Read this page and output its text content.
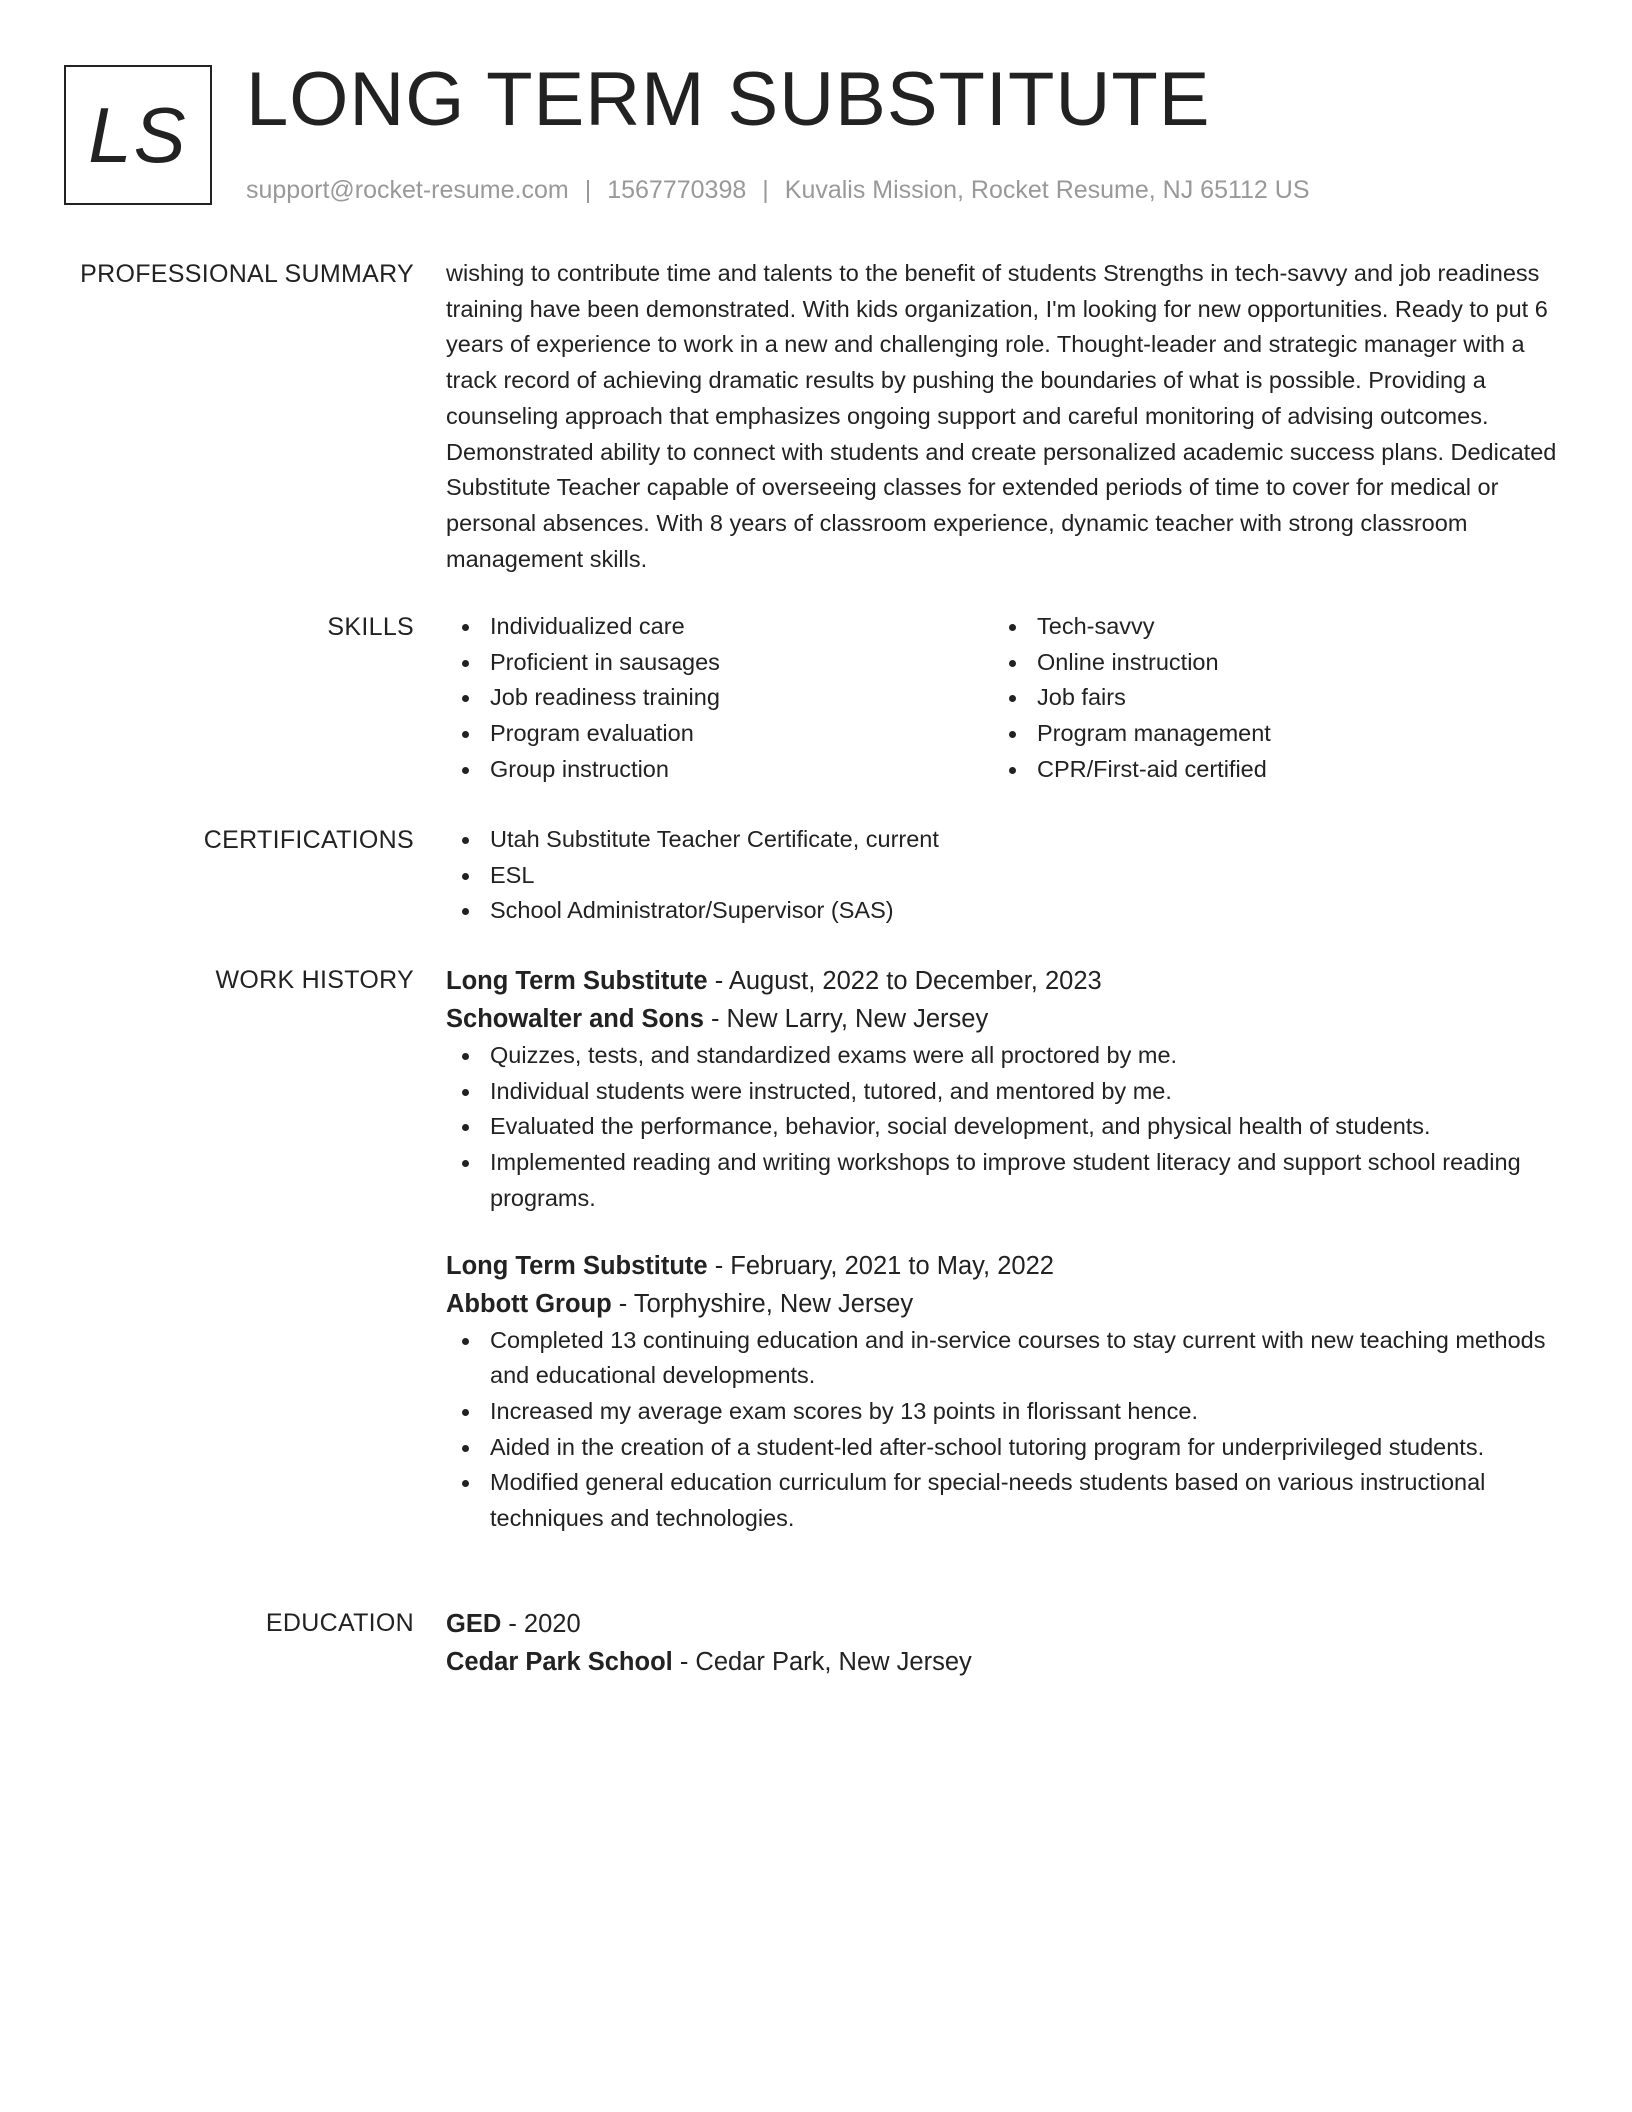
LS LONG TERM SUBSTITUTE
support@rocket-resume.com | 1567770398 | Kuvalis Mission, Rocket Resume, NJ 65112 US
PROFESSIONAL SUMMARY wishing to contribute time and talents to the benefit of students Strengths in tech-savvy and job readiness training have been demonstrated. With kids organization, I'm looking for new opportunities. Ready to put 6 years of experience to work in a new and challenging role. Thought-leader and strategic manager with a track record of achieving dramatic results by pushing the boundaries of what is possible. Providing a counseling approach that emphasizes ongoing support and careful monitoring of advising outcomes. Demonstrated ability to connect with students and create personalized academic success plans. Dedicated Substitute Teacher capable of overseeing classes for extended periods of time to cover for medical or personal absences. With 8 years of classroom experience, dynamic teacher with strong classroom management skills.

SKILLS	Individualized care
Proficient in sausages
Job readiness training
Program evaluation
Group instruction
Tech-savvy
Online instruction
Job fairs
Program management
CPR/First-aid certified
CERTIFICATIONS	Utah Substitute Teacher Certificate, current
ESL
School Administrator/Supervisor (SAS)
WORK HISTORY Long Term Substitute - August, 2022 to December, 2023
Schowalter and Sons - New Larry, New Jersey
Quizzes, tests, and standardized exams were all proctored by me.
Individual students were instructed, tutored, and mentored by me.
Evaluated the performance, behavior, social development, and physical health of students.
Implemented reading and writing workshops to improve student literacy and support school reading programs.
Long Term Substitute - February, 2021 to May, 2022
Abbott Group - Torphyshire, New Jersey
Completed 13 continuing education and in-service courses to stay current with new teaching methods and educational developments.
Increased my average exam scores by 13 points in florissant hence.
Aided in the creation of a student-led after-school tutoring program for underprivileged students.
Modified general education curriculum for special-needs students based on various instructional techniques and technologies.
EDUCATION GED - 2020
Cedar Park School - Cedar Park, New Jersey
